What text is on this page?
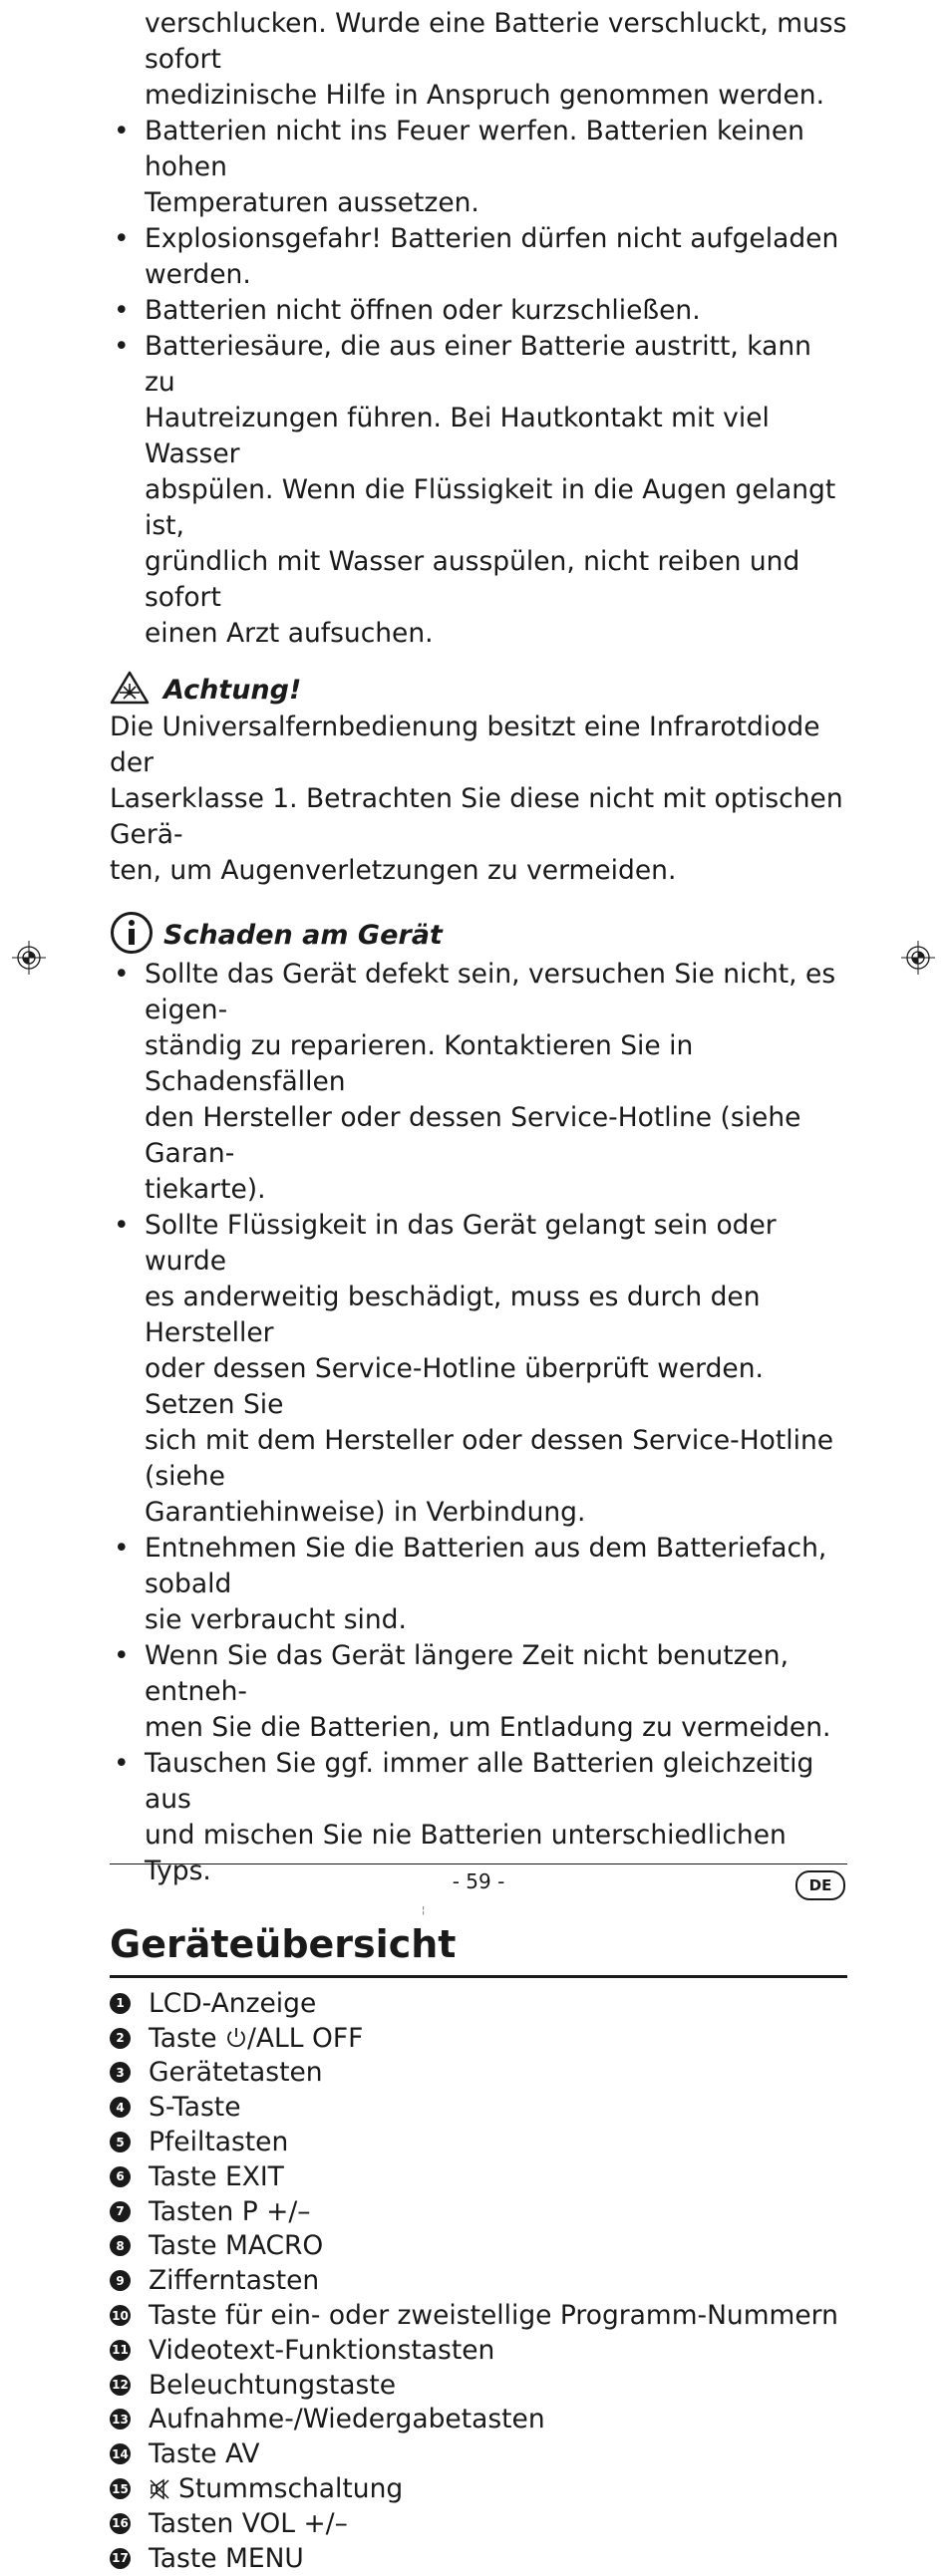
verschlucken. Wurde eine Batterie verschluckt, muss sofort

medizinische Hilfe in Anspruch genommen werden.

• Batterien nicht ins Feuer werfen. Batterien keinen hohen
Temperaturen aussetzen.
• Explosionsgefahr! Batterien dürfen nicht aufgeladen werden.
• Batterien nicht öffnen oder kurzschließen.
• Batteriesäure, die aus einer Batterie austritt, kann zu
Hautreizungen führen. Bei Hautkontakt mit viel Wasser
abspülen. Wenn die Flüssigkeit in die Augen gelangt ist,
gründlich mit Wasser ausspülen, nicht reiben und sofort
einen Arzt aufsuchen.
Achtung!

Die Universalfernbedienung besitzt eine Infrarotdiode der

Laserklasse 1. Betrachten Sie diese nicht mit optischen Gerä-

ten, um Augenverletzungen zu vermeiden.

Schaden am Gerät
• Sollte das Gerät defekt sein, versuchen Sie nicht, es eigen-
ständig zu reparieren. Kontaktieren Sie in Schadensfällen
den Hersteller oder dessen Service-Hotline (siehe Garan-
tiekarte).
• Sollte Flüssigkeit in das Gerät gelangt sein oder wurde
es anderweitig beschädigt, muss es durch den Hersteller
oder dessen Service-Hotline überprüft werden. Setzen Sie
sich mit dem Hersteller oder dessen Service-Hotline (siehe
Garantiehinweise) in Verbindung.
• Entnehmen Sie die Batterien aus dem Batteriefach, sobald
sie verbraucht sind.
• Wenn Sie das Gerät längere Zeit nicht benutzen, entneh-
men Sie die Batterien, um Entladung zu vermeiden.
• Tauschen Sie ggf. immer alle Batterien gleichzeitig aus
und mischen Sie nie Batterien unterschiedlichen Typs.
Geräteübersicht
1 LCD-Anzeige
2 Taste
/ALL OFF
3 Gerätetasten
4 S-Taste
5 Pfeiltasten
6 Taste EXIT
7 Tasten P +/–
8 Taste MACRO
9 Zifferntasten
10 Taste für ein- oder zweistellige Programm-Nummern
11 Videotext-Funktionstasten
12 Beleuchtungstaste
13 Aufnahme-/Wiedergabetasten
14 Taste AV
15 Stummschaltung
16 Tasten VOL +/–
17 Taste MENU
- 59 -	DE
¦
